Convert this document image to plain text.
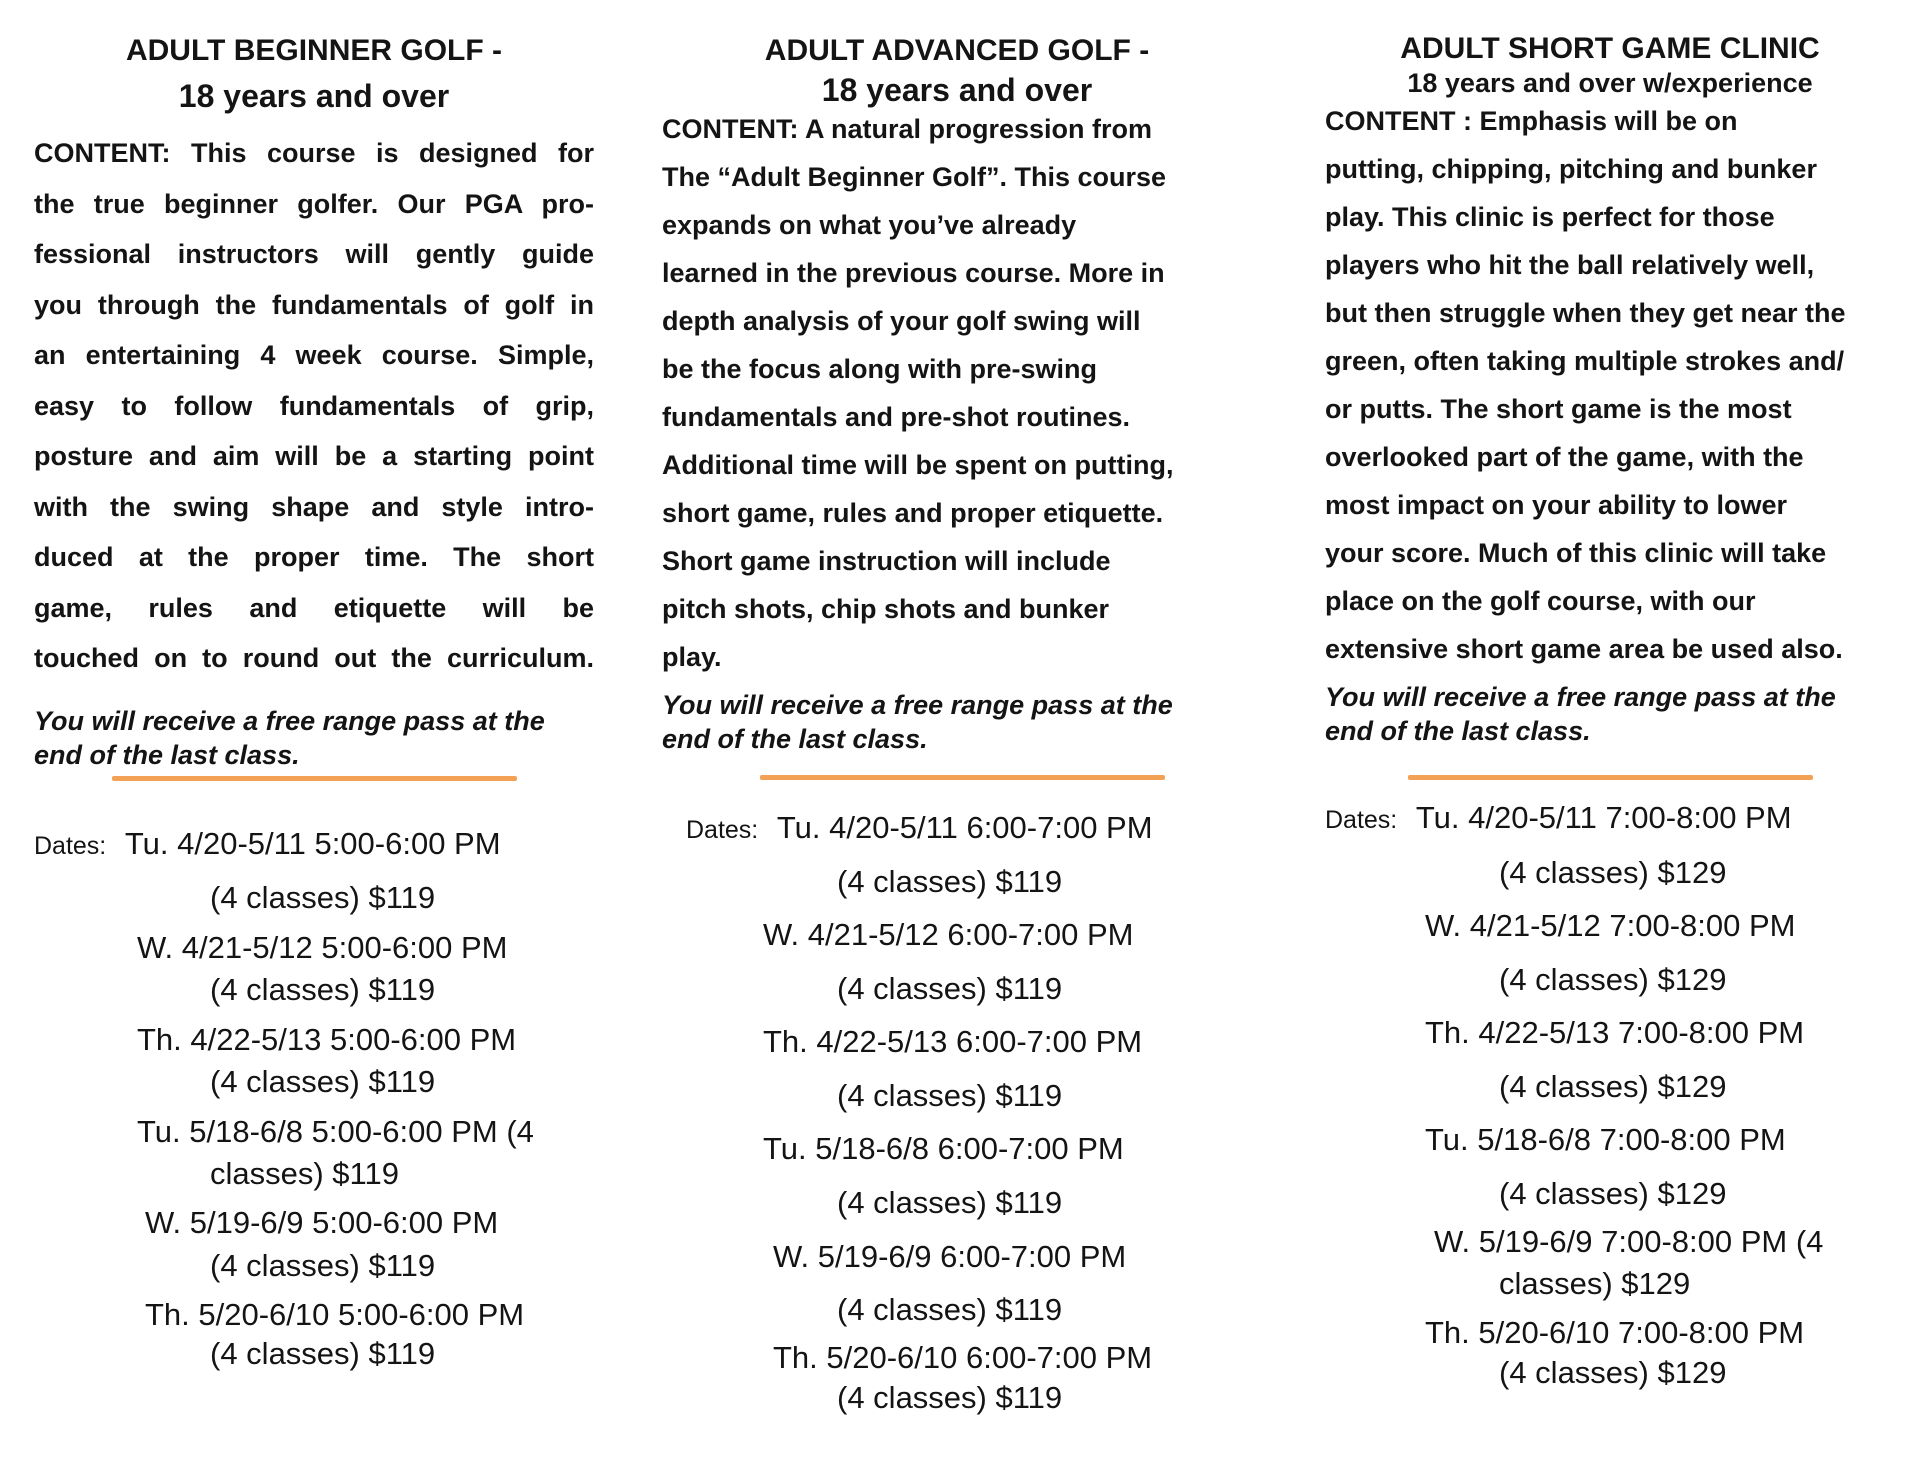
ADULT BEGINNER GOLF -

18 years and over

CONTENT: This course is designed for
the true beginner golfer. Our PGA pro-
fessional instructors will gently guide
you through the fundamentals of golf in
an entertaining 4 week course. Simple,
easy to follow fundamentals of grip,
posture and aim will be a starting point
with the swing shape and style intro-
duced at the proper time. The short
game, rules and etiquette will be
touched on to round out the curriculum.
You will receive a free range pass at the
end of the last class.
Dates: Tu. 4/20-5/11 5:00-6:00 PM
(4 classes) $119
W. 4/21-5/12 5:00-6:00 PM
(4 classes) $119
Th. 4/22-5/13 5:00-6:00 PM
(4 classes) $119
Tu. 5/18-6/8 5:00-6:00 PM (4
classes) $119
W. 5/19-6/9 5:00-6:00 PM
(4 classes) $119
Th. 5/20-6/10 5:00-6:00 PM
(4 classes) $119

ADULT ADVANCED GOLF -

18 years and over

CONTENT: A natural progression from
The “Adult Beginner Golf”. This course
expands on what you’ve already
learned in the previous course. More in
depth analysis of your golf swing will
be the focus along with pre-swing
fundamentals and pre-shot routines.
Additional time will be spent on putting,
short game, rules and proper etiquette.
Short game instruction will include
pitch shots, chip shots and bunker
play.
You will receive a free range pass at the
end of the last class.
Dates: Tu. 4/20-5/11 6:00-7:00 PM
(4 classes) $119
W. 4/21-5/12 6:00-7:00 PM
(4 classes) $119
Th. 4/22-5/13 6:00-7:00 PM
(4 classes) $119
Tu. 5/18-6/8 6:00-7:00 PM
(4 classes) $119
W. 5/19-6/9 6:00-7:00 PM
(4 classes) $119
Th. 5/20-6/10 6:00-7:00 PM
(4 classes) $119

ADULT SHORT GAME CLINIC

18 years and over w/experience

CONTENT : Emphasis will be on
putting, chipping, pitching and bunker
play. This clinic is perfect for those
players who hit the ball relatively well,
but then struggle when they get near the
green, often taking multiple strokes and/
or putts. The short game is the most
overlooked part of the game, with the
most impact on your ability to lower
your score. Much of this clinic will take
place on the golf course, with our
extensive short game area be used also.
You will receive a free range pass at the
end of the last class.
Dates: Tu. 4/20-5/11 7:00-8:00 PM
(4 classes) $129
W. 4/21-5/12 7:00-8:00 PM
(4 classes) $129
Th. 4/22-5/13 7:00-8:00 PM
(4 classes) $129
Tu. 5/18-6/8 7:00-8:00 PM
(4 classes) $129
W. 5/19-6/9 7:00-8:00 PM (4
classes) $129
Th. 5/20-6/10 7:00-8:00 PM
(4 classes) $129
